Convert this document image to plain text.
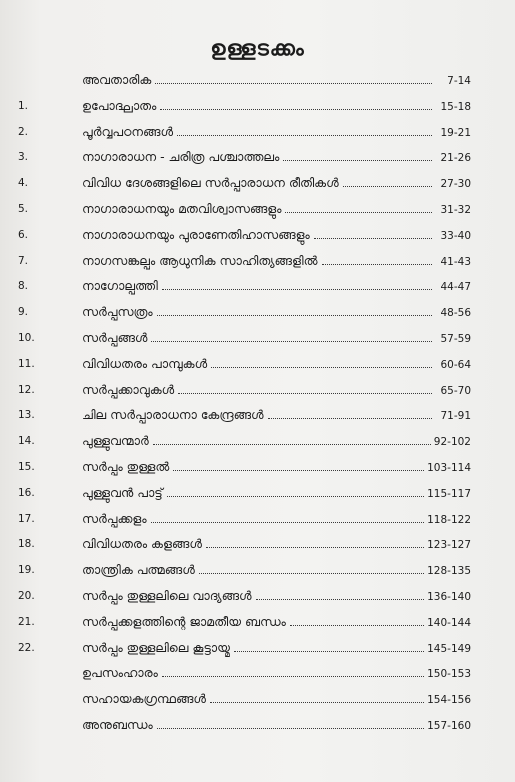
ഉള്ളടക്കം
അവതാരിക	7-14
1.	ഉപോദ്ഘാതം	15-18
2.	പൂർവ്വപഠനങ്ങൾ	19-21
3.	നാഗാരാധന - ചരിത്ര പശ്ചാത്തലം	21-26
4.	വിവിധ ദേശങ്ങളിലെ സർപ്പാരാധന രീതികൾ	27-30
5.	നാഗാരാധനയും മതവിശ്വാസങ്ങളും	31-32
6.	നാഗാരാധനയും പുരാണേതിഹാസങ്ങളും	33-40
7.	നാഗസങ്കല്പം ആധുനിക സാഹിത്യങ്ങളിൽ	41-43
8.	നാഗോല്പത്തി	44-47
9.	സർപ്പസത്രം	48-56
10.	സർപ്പങ്ങൾ	57-59
11.	വിവിധതരം പാമ്പുകൾ	60-64
12.	സർപ്പക്കാവുകൾ	65-70
13.	ചില സർപ്പാരാധനാ കേന്ദ്രങ്ങൾ	71-91
14.	പുള്ളുവന്മാർ	92-102
15.	സർപ്പം തുള്ളൽ	103-114
16.	പുള്ളുവൻ പാട്ട്	115-117
17.	സർപ്പക്കളം	118-122
18.	വിവിധതരം കളങ്ങൾ	123-127
19.	താന്ത്രിക പത്മങ്ങൾ	128-135
20.	സർപ്പം തുള്ളലിലെ വാദ്യങ്ങൾ	136-140
21.	സർപ്പക്കളത്തിന്റെ ജാമതീയ ബന്ധം	140-144
22.	സർപ്പം തുള്ളലിലെ കൂട്ടായ്മ	145-149
ഉപസംഹാരം	150-153
സഹായകഗ്രന്ഥങ്ങൾ	154-156
അനുബന്ധം	157-160
